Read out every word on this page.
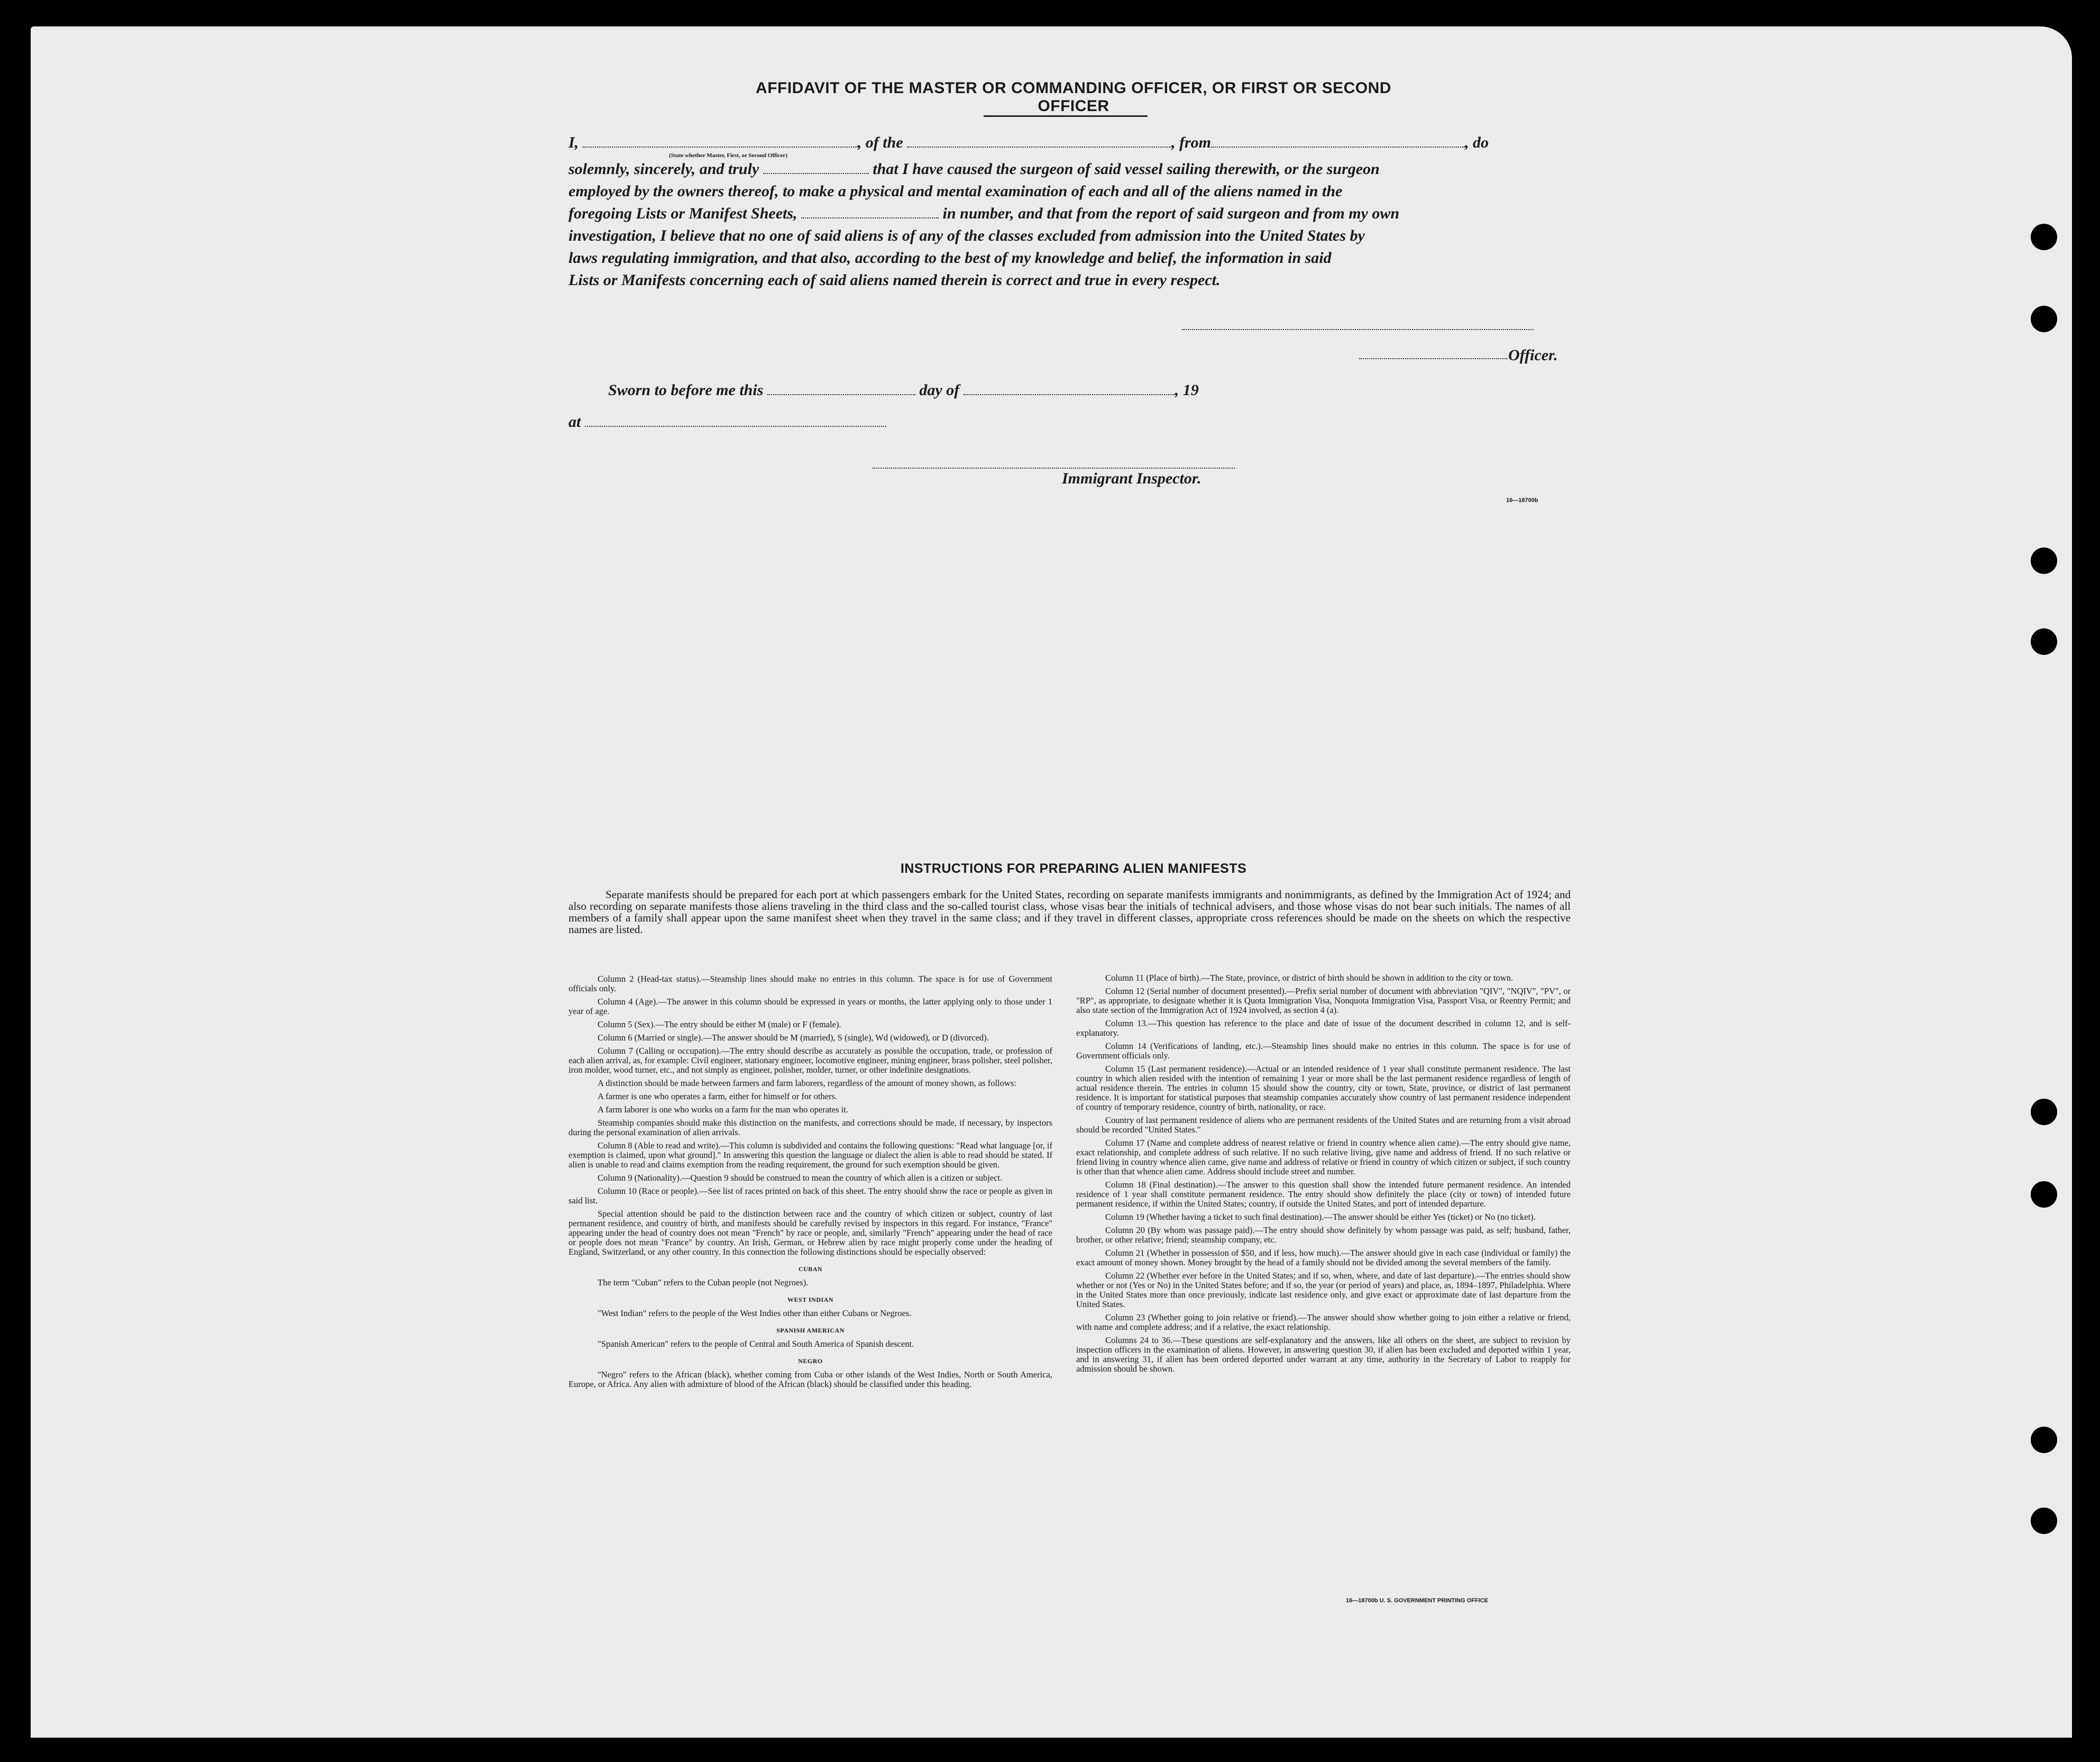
AFFIDAVIT OF THE MASTER OR COMMANDING OFFICER, OR FIRST OR SECOND OFFICER
I,	, of the	, from	, do
(State whether Master, First, or Second Officer)
solemnly, sincerely, and truly	that I have caused the surgeon of said vessel sailing therewith, or the surgeon
employed by the owners thereof, to make a physical and mental examination of each and all of the aliens named in the
foregoing Lists or Manifest Sheets,	in number, and that from the report of said surgeon and from my own
investigation, I believe that no one of said aliens is of any of the classes excluded from admission into the United States by
laws regulating immigration, and that also, according to the best of my knowledge and belief, the information in said
Lists or Manifests concerning each of said aliens named therein is correct and true in every respect.
Officer.
Sworn to before me this	day of	, 19
at
Immigrant Inspector.
16—18700b
INSTRUCTIONS FOR PREPARING ALIEN MANIFESTS

Separate manifests should be prepared for each port at which passengers embark for the United States, recording on separate manifests immigrants and nonimmigrants, as defined by the Immigration Act of 1924; and also recording on separate manifests those aliens traveling in the third class and the so-called tourist class, whose visas bear the initials of technical advisers, and those whose visas do not bear such initials. The names of all members of a family shall appear upon the same manifest sheet when they travel in the same class; and if they travel in different classes, appropriate cross references should be made on the sheets on which the respective names are listed.

Column 2 (Head-tax status).—Steamship lines should make no entries in this column. The space is for use of Government officials only.

Column 4 (Age).—The answer in this column should be expressed in years or months, the latter applying only to those under 1 year of age.

Column 5 (Sex).—The entry should be either M (male) or F (female).

Column 6 (Married or single).—The answer should be M (married), S (single), Wd (widowed), or D (divorced).

Column 7 (Calling or occupation).—The entry should describe as accurately as possible the occupation, trade, or profession of each alien arrival, as, for example: Civil engineer, stationary engineer, locomotive engineer, mining engineer, brass polisher, steel polisher, iron molder, wood turner, etc., and not simply as engineer, polisher, molder, turner, or other indefinite designations.

A distinction should be made between farmers and farm laborers, regardless of the amount of money shown, as follows:

A farmer is one who operates a farm, either for himself or for others.

A farm laborer is one who works on a farm for the man who operates it.

Steamship companies should make this distinction on the manifests, and corrections should be made, if necessary, by inspectors during the personal examination of alien arrivals.

Column 8 (Able to read and write).—This column is subdivided and contains the following questions: "Read what language [or, if exemption is claimed, upon what ground]." In answering this question the language or dialect the alien is able to read should be stated. If alien is unable to read and claims exemption from the reading requirement, the ground for such exemption should be given.

Column 9 (Nationality).—Question 9 should be construed to mean the country of which alien is a citizen or subject.

Column 10 (Race or people).—See list of races printed on back of this sheet. The entry should show the race or people as given in said list.

Special attention should be paid to the distinction between race and the country of which citizen or subject, country of last permanent residence, and country of birth, and manifests should be carefully revised by inspectors in this regard. For instance, "France" appearing under the head of country does not mean "French" by race or people, and, similarly "French" appearing under the head of race or people does not mean "France" by country. An Irish, German, or Hebrew alien by race might properly come under the heading of England, Switzerland, or any other country. In this connection the following distinctions should be especially observed:

CUBAN

The term "Cuban" refers to the Cuban people (not Negroes).

WEST INDIAN

"West Indian" refers to the people of the West Indies other than either Cubans or Negroes.

SPANISH AMERICAN

"Spanish American" refers to the people of Central and South America of Spanish descent.

NEGRO

"Negro" refers to the African (black), whether coming from Cuba or other islands of the West Indies, North or South America, Europe, or Africa. Any alien with admixture of blood of the African (black) should be classified under this heading.

Column 11 (Place of birth).—The State, province, or district of birth should be shown in addition to the city or town.

Column 12 (Serial number of document presented).—Prefix serial number of document with abbreviation "QIV", "NQIV", "PV", or "RP", as appropriate, to designate whether it is Quota Immigration Visa, Nonquota Immigration Visa, Passport Visa, or Reentry Permit; and also state section of the Immigration Act of 1924 involved, as section 4 (a).

Column 13.—This question has reference to the place and date of issue of the document described in column 12, and is self-explanatory.

Column 14 (Verifications of landing, etc.).—Steamship lines should make no entries in this column. The space is for use of Government officials only.

Column 15 (Last permanent residence).—Actual or an intended residence of 1 year shall constitute permanent residence. The last country in which alien resided with the intention of remaining 1 year or more shall be the last permanent residence regardless of length of actual residence therein. The entries in column 15 should show the country, city or town, State, province, or district of last permanent residence. It is important for statistical purposes that steamship companies accurately show country of last permanent residence independent of country of temporary residence, country of birth, nationality, or race.

Country of last permanent residence of aliens who are permanent residents of the United States and are returning from a visit abroad should be recorded "United States."

Column 17 (Name and complete address of nearest relative or friend in country whence alien came).—The entry should give name, exact relationship, and complete address of such relative. If no such relative living, give name and address of friend. If no such relative or friend living in country whence alien came, give name and address of relative or friend in country of which citizen or subject, if such country is other than that whence alien came. Address should include street and number.

Column 18 (Final destination).—The answer to this question shall show the intended future permanent residence. An intended residence of 1 year shall constitute permanent residence. The entry should show definitely the place (city or town) of intended future permanent residence, if within the United States; country, if outside the United States, and port of intended departure.

Column 19 (Whether having a ticket to such final destination).—The answer should be either Yes (ticket) or No (no ticket).

Column 20 (By whom was passage paid).—The entry should show definitely by whom passage was paid, as self; husband, father, brother, or other relative; friend; steamship company, etc.

Column 21 (Whether in possession of $50, and if less, how much).—The answer should give in each case (individual or family) the exact amount of money shown. Money brought by the head of a family should not be divided among the several members of the family.

Column 22 (Whether ever before in the United States; and if so, when, where, and date of last departure).—The entries should show whether or not (Yes or No) in the United States before; and if so, the year (or period of years) and place, as, 1894–1897, Philadelphia. Where in the United States more than once previously, indicate last residence only, and give exact or approximate date of last departure from the United States.

Column 23 (Whether going to join relative or friend).—The answer should show whether going to join either a relative or friend, with name and complete address; and if a relative, the exact relationship.

Columns 24 to 36.—These questions are self-explanatory and the answers, like all others on the sheet, are subject to revision by inspection officers in the examination of aliens. However, in answering question 30, if alien has been excluded and deported within 1 year, and in answering 31, if alien has been ordered deported under warrant at any time, authority in the Secretary of Labor to reapply for admission should be shown.

16—18700b U. S. GOVERNMENT PRINTING OFFICE
